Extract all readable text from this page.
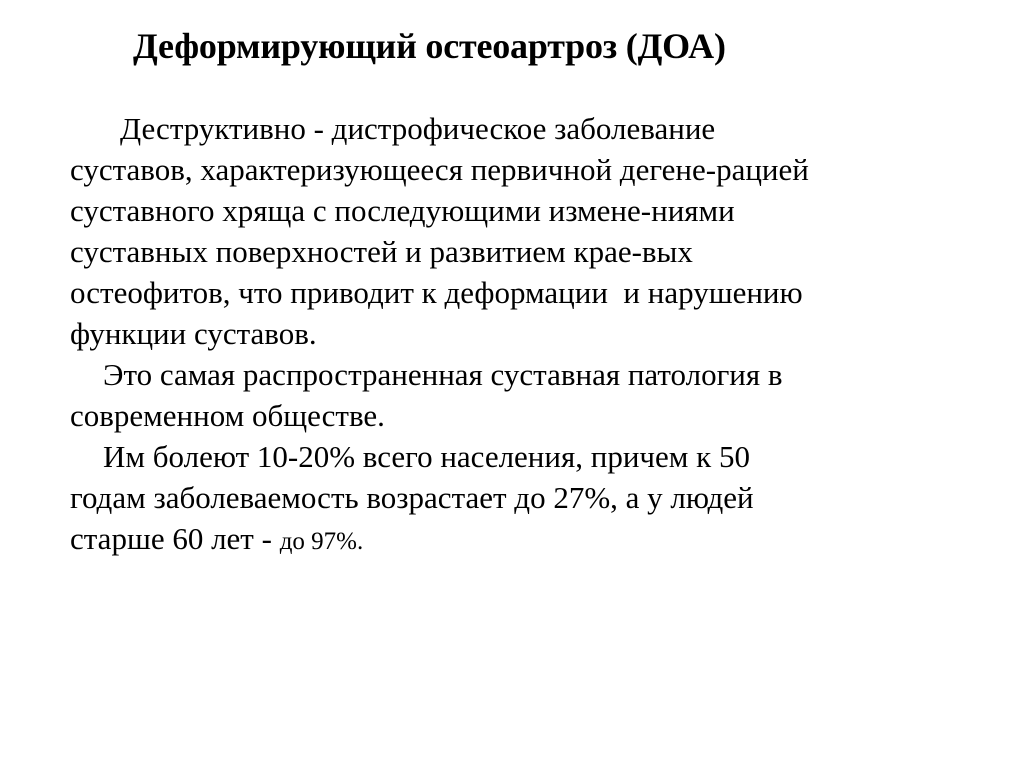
Деформирующий остеоартроз (ДОА)
Деструктивно - дистрофическое заболевание
суставов, характеризующееся первичной дегене-рацией
суставного хряща с последующими измене-ниями
суставных поверхностей и развитием крае-вых
остеофитов, что приводит к деформации  и нарушению
функции суставов.
Это самая распространенная суставная патология в
современном обществе.
Им болеют 10-20% всего населения, причем к 50
годам заболеваемость возрастает до 27%, а у людей
старше 60 лет - до 97%.
